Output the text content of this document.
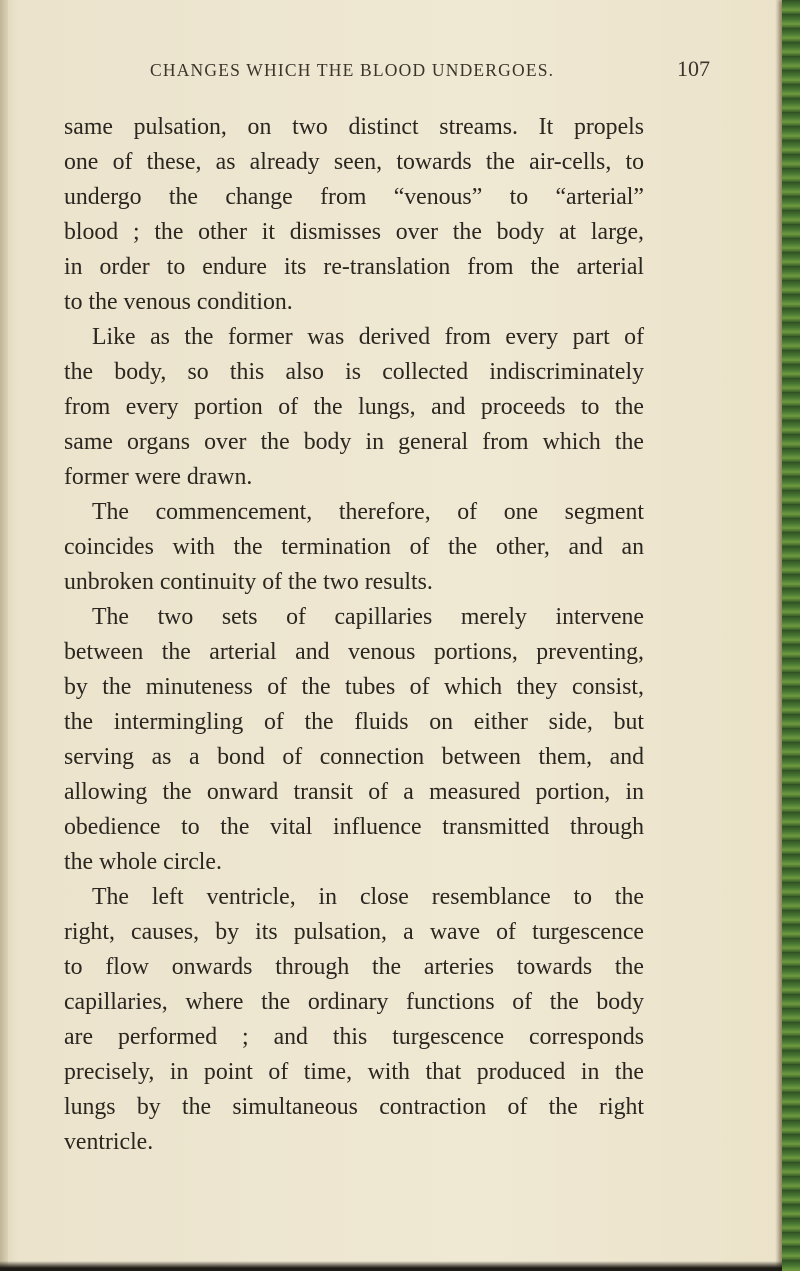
CHANGES WHICH THE BLOOD UNDERGOES.	107
same pulsation, on two distinct streams. It propels
one of these, as already seen, towards the air-cells, to
undergo the change from “venous” to “arterial”
blood ; the other it dismisses over the body at large,
in order to endure its re-translation from the arterial
to the venous condition.
Like as the former was derived from every part of
the body, so this also is collected indiscriminately
from every portion of the lungs, and proceeds to the
same organs over the body in general from which the
former were drawn.
The commencement, therefore, of one segment
coincides with the termination of the other, and an
unbroken continuity of the two results.
The two sets of capillaries merely intervene
between the arterial and venous portions, preventing,
by the minuteness of the tubes of which they consist,
the intermingling of the fluids on either side, but
serving as a bond of connection between them, and
allowing the onward transit of a measured portion, in
obedience to the vital influence transmitted through
the whole circle.
The left ventricle, in close resemblance to the
right, causes, by its pulsation, a wave of turgescence
to flow onwards through the arteries towards the
capillaries, where the ordinary functions of the body
are performed ; and this turgescence corresponds
precisely, in point of time, with that produced in the
lungs by the simultaneous contraction of the right
ventricle.
